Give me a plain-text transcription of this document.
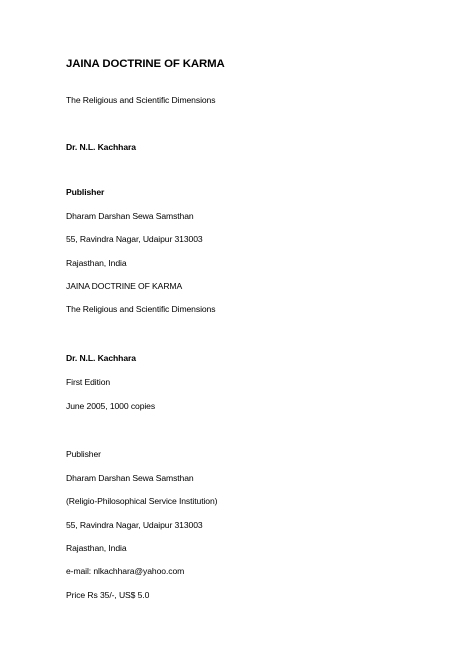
JAINA DOCTRINE OF KARMA
The Religious and Scientific Dimensions
Dr. N.L. Kachhara
Publisher
Dharam Darshan Sewa Samsthan
55, Ravindra Nagar, Udaipur 313003
Rajasthan, India
JAINA DOCTRINE OF KARMA
The Religious and Scientific Dimensions
Dr. N.L. Kachhara
First Edition
June 2005, 1000 copies
Publisher
Dharam Darshan Sewa Samsthan
(Religio-Philosophical Service Institution)
55, Ravindra Nagar, Udaipur 313003
Rajasthan, India
e-mail: nlkachhara@yahoo.com
Price Rs 35/-, US$ 5.0
